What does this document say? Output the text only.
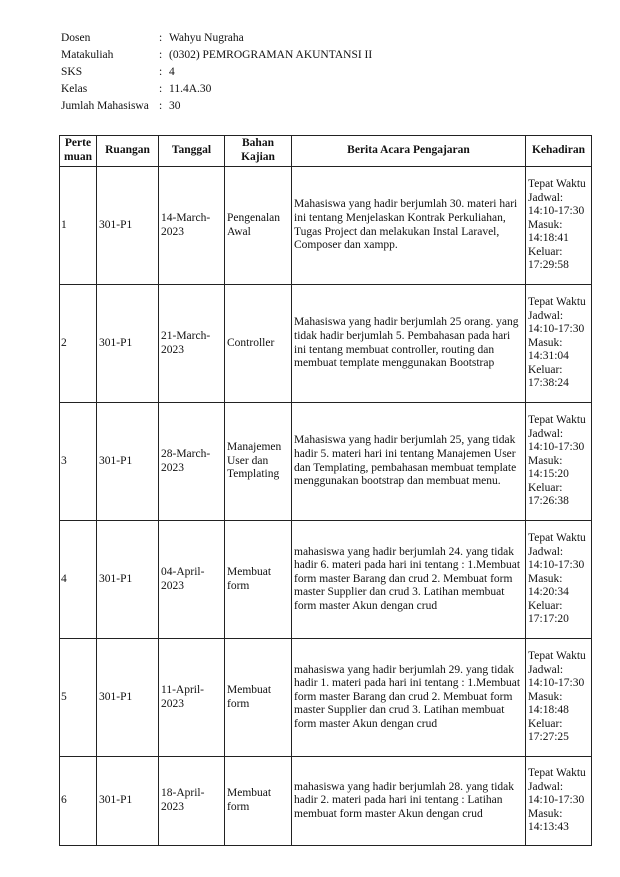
Dosen	: Wahyu Nugraha
Matakuliah	: (0302) PEMROGRAMAN AKUNTANSI II
SKS	: 4
Kelas	: 11.4A.30
Jumlah Mahasiswa : 30
Perte muan	Ruangan	Tanggal	Bahan Kajian	Berita Acara Pengajaran	Kehadiran
1	301-P1	14-March-2023	Pengenalan Awal	Mahasiswa yang hadir berjumlah 30. materi hari ini tentang Menjelaskan Kontrak Perkuliahan, Tugas Project dan melakukan Instal Laravel, Composer dan xampp.	Tepat Waktu Jadwal: 14:10-17:30 Masuk: 14:18:41 Keluar: 17:29:58
2	301-P1	21-March-2023	Controller	Mahasiswa yang hadir berjumlah 25 orang. yang tidak hadir berjumlah 5. Pembahasan pada hari ini tentang membuat controller, routing dan membuat template menggunakan Bootstrap	Tepat Waktu Jadwal: 14:10-17:30 Masuk: 14:31:04 Keluar: 17:38:24
3	301-P1	28-March-2023	Manajemen User dan Templating	Mahasiswa yang hadir berjumlah 25, yang tidak hadir 5. materi hari ini tentang Manajemen User dan Templating, pembahasan membuat template menggunakan bootstrap dan membuat menu.	Tepat Waktu Jadwal: 14:10-17:30 Masuk: 14:15:20 Keluar: 17:26:38
4	301-P1	04-April-2023	Membuat form	mahasiswa yang hadir berjumlah 24. yang tidak hadir 6. materi pada hari ini tentang : 1.Membuat form master Barang dan crud 2. Membuat form master Supplier dan crud 3. Latihan membuat form master Akun dengan crud	Tepat Waktu Jadwal: 14:10-17:30 Masuk: 14:20:34 Keluar: 17:17:20
5	301-P1	11-April-2023	Membuat form	mahasiswa yang hadir berjumlah 29. yang tidak hadir 1. materi pada hari ini tentang : 1.Membuat form master Barang dan crud 2. Membuat form master Supplier dan crud 3. Latihan membuat form master Akun dengan crud	Tepat Waktu Jadwal: 14:10-17:30 Masuk: 14:18:48 Keluar: 17:27:25
6	301-P1	18-April-2023	Membuat form	mahasiswa yang hadir berjumlah 28. yang tidak hadir 2. materi pada hari ini tentang : Latihan membuat form master Akun dengan crud	Tepat Waktu Jadwal: 14:10-17:30 Masuk: 14:13:43
